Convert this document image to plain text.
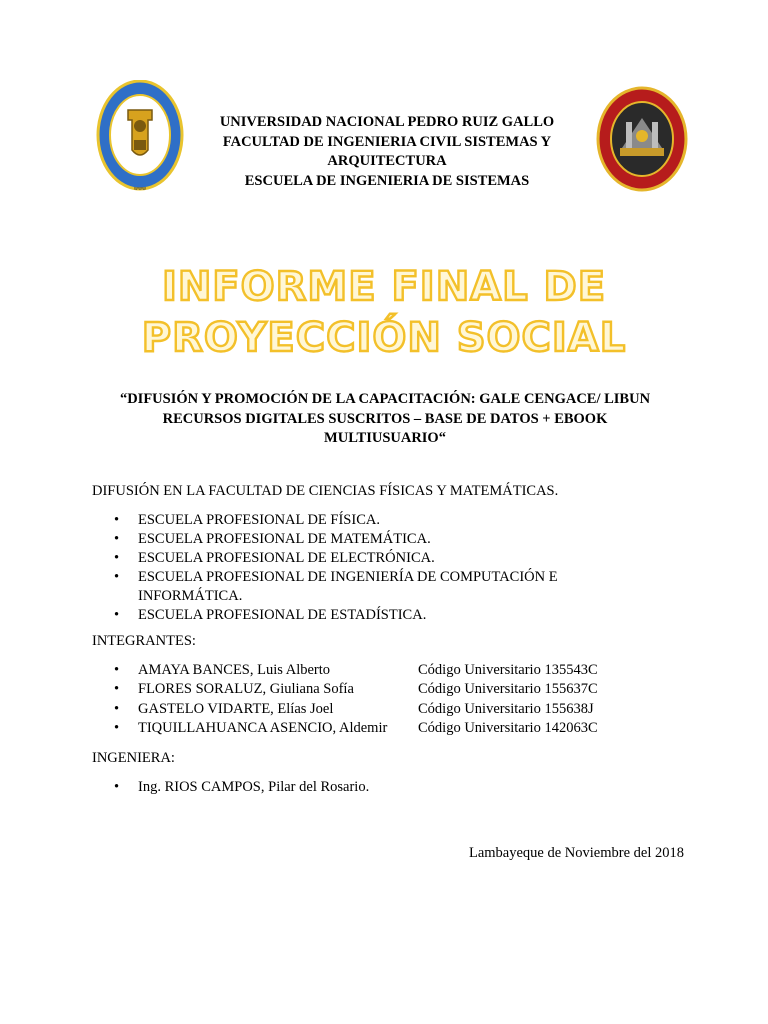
www
UNIVERSIDAD NACIONAL PEDRO RUIZ GALLO
FACULTAD DE INGENIERIA CIVIL SISTEMAS Y
ARQUITECTURA
ESCUELA DE INGENIERIA DE SISTEMAS
INFORME FINAL DE
PROYECCIÓN SOCIAL
“DIFUSIÓN Y PROMOCIÓN DE LA CAPACITACIÓN: GALE CENGACE/ LIBUN
RECURSOS DIGITALES SUSCRITOS – BASE DE DATOS + EBOOK
MULTIUSUARIO“
DIFUSIÓN EN LA FACULTAD DE CIENCIAS FÍSICAS Y MATEMÁTICAS.
• ESCUELA PROFESIONAL DE FÍSICA.
• ESCUELA PROFESIONAL DE MATEMÁTICA.
• ESCUELA PROFESIONAL DE ELECTRÓNICA.
• ESCUELA PROFESIONAL DE INGENIERÍA DE COMPUTACIÓN E INFORMÁTICA.
• ESCUELA PROFESIONAL DE ESTADÍSTICA.
INTEGRANTES:
• AMAYA BANCES, Luis Alberto	Código Universitario 135543C
• FLORES SORALUZ, Giuliana Sofía	Código Universitario 155637C
• GASTELO VIDARTE, Elías Joel	Código Universitario 155638J
• TIQUILLAHUANCA ASENCIO, Aldemir Código Universitario 142063C
INGENIERA:
• Ing. RIOS CAMPOS, Pilar del Rosario.
Lambayeque de Noviembre del 2018
